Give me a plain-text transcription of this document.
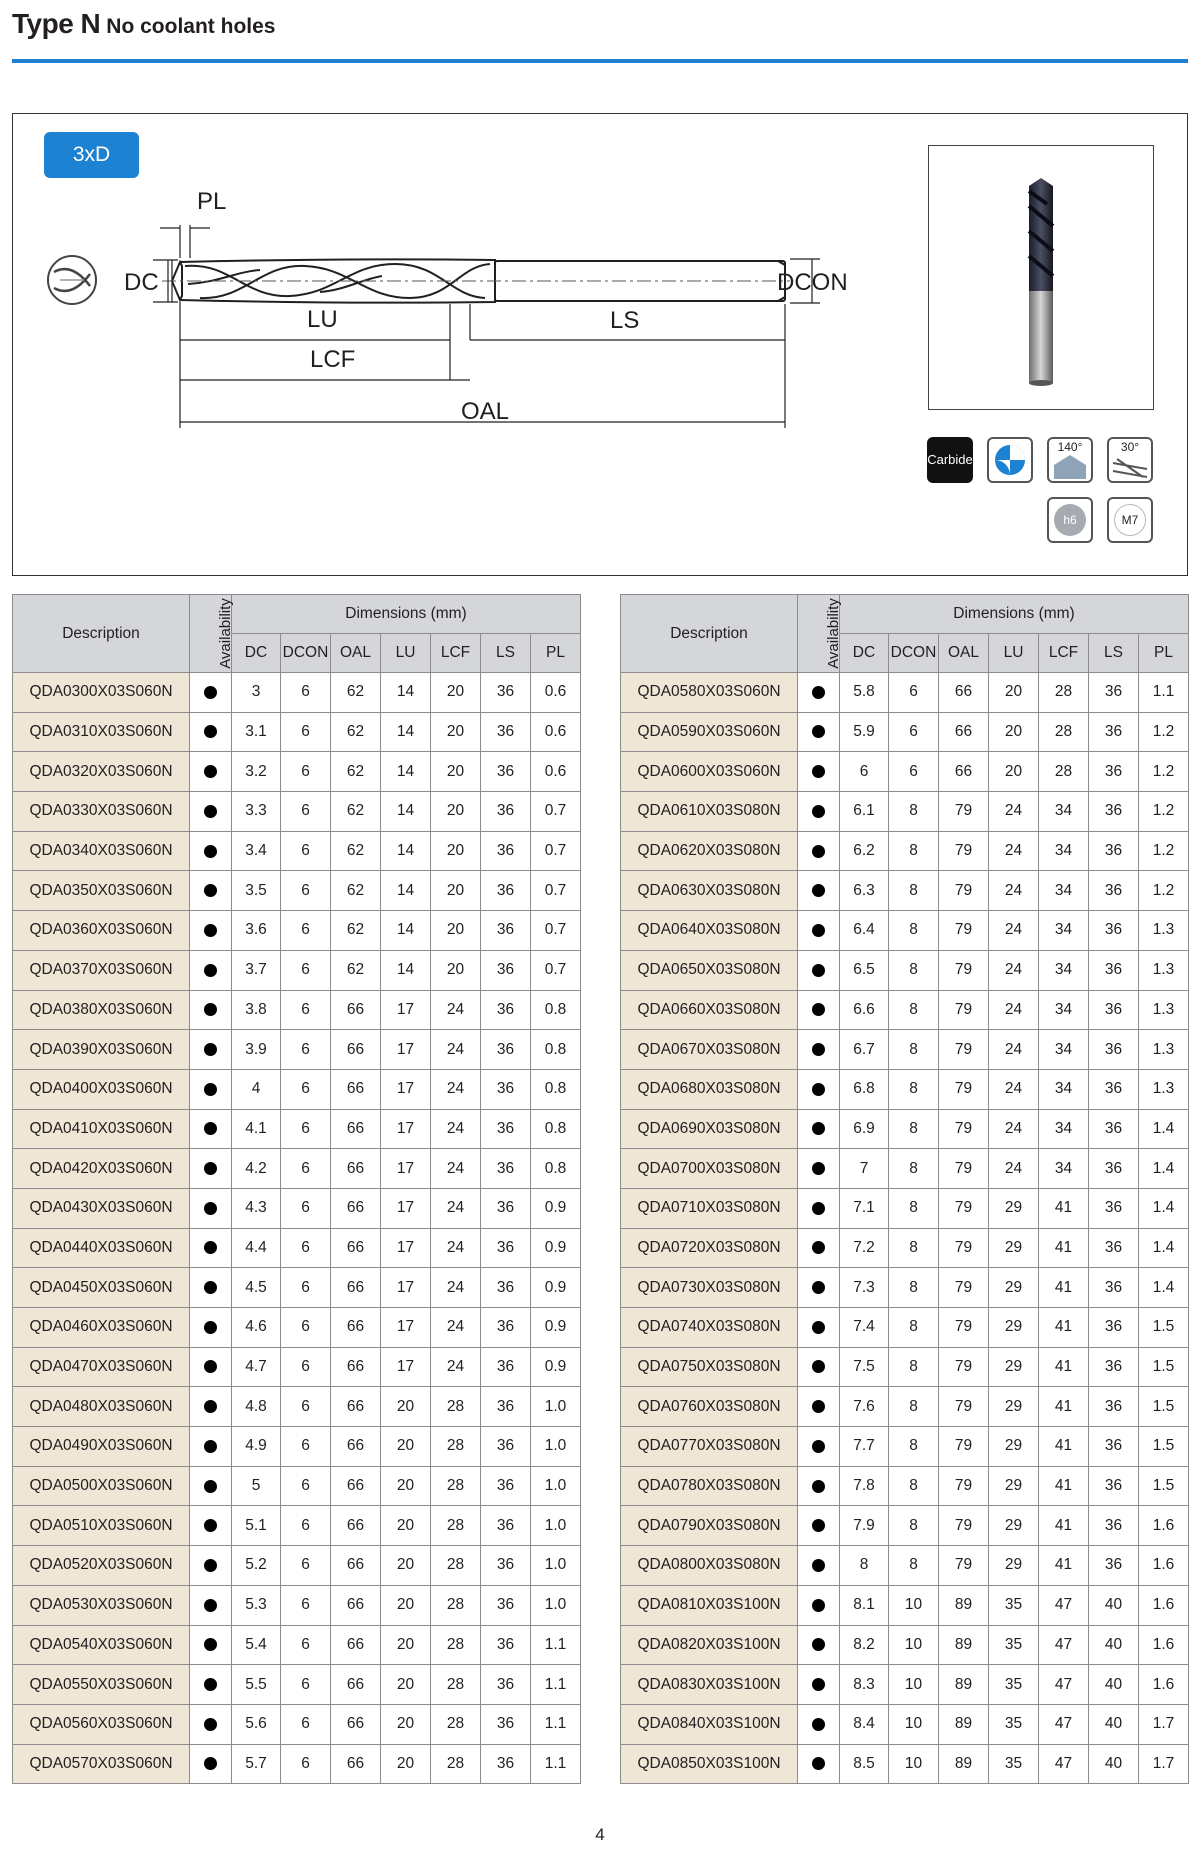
Type N No coolant holes
3xD
PL
DC
LU	LS
LCF
OAL
DCON
Carbide
140°	30°
h6	M7
Description	Availability	Dimensions (mm)						
		DC	DCON	OAL	LU	LCF	LS	PL
QDA0300X03S060N		3	6	62	14	20	36	0.6
QDA0310X03S060N		3.1	6	62	14	20	36	0.6
QDA0320X03S060N		3.2	6	62	14	20	36	0.6
QDA0330X03S060N		3.3	6	62	14	20	36	0.7
QDA0340X03S060N		3.4	6	62	14	20	36	0.7
QDA0350X03S060N		3.5	6	62	14	20	36	0.7
QDA0360X03S060N		3.6	6	62	14	20	36	0.7
QDA0370X03S060N		3.7	6	62	14	20	36	0.7
QDA0380X03S060N		3.8	6	66	17	24	36	0.8
QDA0390X03S060N		3.9	6	66	17	24	36	0.8
QDA0400X03S060N		4	6	66	17	24	36	0.8
QDA0410X03S060N		4.1	6	66	17	24	36	0.8
QDA0420X03S060N		4.2	6	66	17	24	36	0.8
QDA0430X03S060N		4.3	6	66	17	24	36	0.9
QDA0440X03S060N		4.4	6	66	17	24	36	0.9
QDA0450X03S060N		4.5	6	66	17	24	36	0.9
QDA0460X03S060N		4.6	6	66	17	24	36	0.9
QDA0470X03S060N		4.7	6	66	17	24	36	0.9
QDA0480X03S060N		4.8	6	66	20	28	36	1.0
QDA0490X03S060N		4.9	6	66	20	28	36	1.0
QDA0500X03S060N		5	6	66	20	28	36	1.0
QDA0510X03S060N		5.1	6	66	20	28	36	1.0
QDA0520X03S060N		5.2	6	66	20	28	36	1.0
QDA0530X03S060N		5.3	6	66	20	28	36	1.0
QDA0540X03S060N		5.4	6	66	20	28	36	1.1
QDA0550X03S060N		5.5	6	66	20	28	36	1.1
QDA0560X03S060N		5.6	6	66	20	28	36	1.1
QDA0570X03S060N		5.7	6	66	20	28	36	1.1
Description	Availability	Dimensions (mm)						
		DC	DCON	OAL	LU	LCF	LS	PL
QDA0580X03S060N		5.8	6	66	20	28	36	1.1
QDA0590X03S060N		5.9	6	66	20	28	36	1.2
QDA0600X03S060N		6	6	66	20	28	36	1.2
QDA0610X03S080N		6.1	8	79	24	34	36	1.2
QDA0620X03S080N		6.2	8	79	24	34	36	1.2
QDA0630X03S080N		6.3	8	79	24	34	36	1.2
QDA0640X03S080N		6.4	8	79	24	34	36	1.3
QDA0650X03S080N		6.5	8	79	24	34	36	1.3
QDA0660X03S080N		6.6	8	79	24	34	36	1.3
QDA0670X03S080N		6.7	8	79	24	34	36	1.3
QDA0680X03S080N		6.8	8	79	24	34	36	1.3
QDA0690X03S080N		6.9	8	79	24	34	36	1.4
QDA0700X03S080N		7	8	79	24	34	36	1.4
QDA0710X03S080N		7.1	8	79	29	41	36	1.4
QDA0720X03S080N		7.2	8	79	29	41	36	1.4
QDA0730X03S080N		7.3	8	79	29	41	36	1.4
QDA0740X03S080N		7.4	8	79	29	41	36	1.5
QDA0750X03S080N		7.5	8	79	29	41	36	1.5
QDA0760X03S080N		7.6	8	79	29	41	36	1.5
QDA0770X03S080N		7.7	8	79	29	41	36	1.5
QDA0780X03S080N		7.8	8	79	29	41	36	1.5
QDA0790X03S080N		7.9	8	79	29	41	36	1.6
QDA0800X03S080N		8	8	79	29	41	36	1.6
QDA0810X03S100N		8.1	10	89	35	47	40	1.6
QDA0820X03S100N		8.2	10	89	35	47	40	1.6
QDA0830X03S100N		8.3	10	89	35	47	40	1.6
QDA0840X03S100N		8.4	10	89	35	47	40	1.7
QDA0850X03S100N		8.5	10	89	35	47	40	1.7
4
